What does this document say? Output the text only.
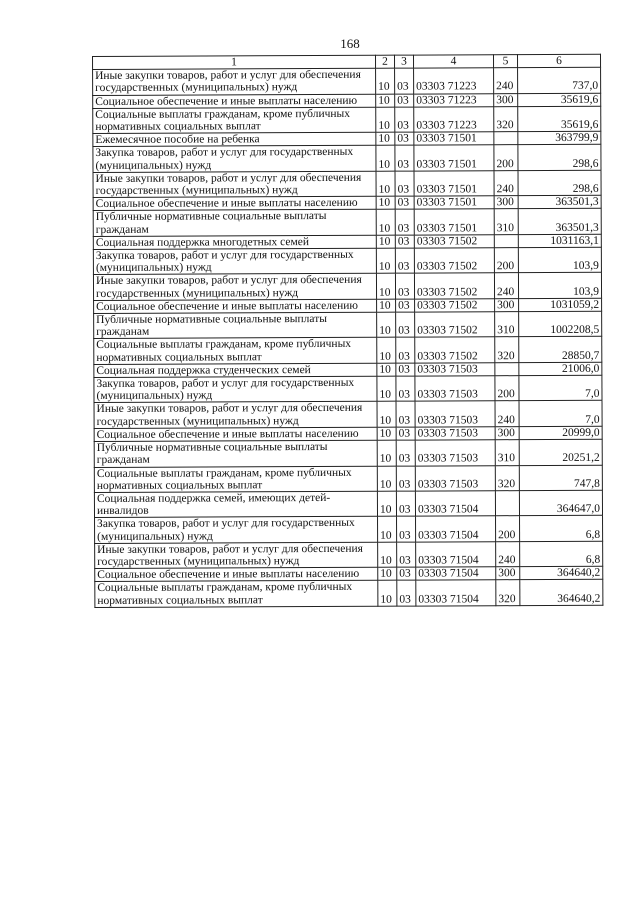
168
1	2	3	4	5	6
Иные закупки товаров, работ и услуг для обеспечения государственных (муниципальных) нужд	10	03	03303 71223	240	737,0
Социальное обеспечение и иные выплаты населению	10	03	03303 71223	300	35619,6
Социальные выплаты гражданам, кроме публичных нормативных социальных выплат	10	03	03303 71223	320	35619,6
Ежемесячное пособие на ребенка	10	03	03303 71501		363799,9
Закупка товаров, работ и услуг для государственных (муниципальных) нужд	10	03	03303 71501	200	298,6
Иные закупки товаров, работ и услуг для обеспечения государственных (муниципальных) нужд	10	03	03303 71501	240	298,6
Социальное обеспечение и иные выплаты населению	10	03	03303 71501	300	363501,3
Публичные нормативные социальные выплаты гражданам	10	03	03303 71501	310	363501,3
Социальная поддержка многодетных семей	10	03	03303 71502		1031163,1
Закупка товаров, работ и услуг для государственных (муниципальных) нужд	10	03	03303 71502	200	103,9
Иные закупки товаров, работ и услуг для обеспечения государственных (муниципальных) нужд	10	03	03303 71502	240	103,9
Социальное обеспечение и иные выплаты населению	10	03	03303 71502	300	1031059,2
Публичные нормативные социальные выплаты гражданам	10	03	03303 71502	310	1002208,5
Социальные выплаты гражданам, кроме публичных нормативных социальных выплат	10	03	03303 71502	320	28850,7
Социальная поддержка студенческих семей	10	03	03303 71503		21006,0
Закупка товаров, работ и услуг для государственных (муниципальных) нужд	10	03	03303 71503	200	7,0
Иные закупки товаров, работ и услуг для обеспечения государственных (муниципальных) нужд	10	03	03303 71503	240	7,0
Социальное обеспечение и иные выплаты населению	10	03	03303 71503	300	20999,0
Публичные нормативные социальные выплаты гражданам	10	03	03303 71503	310	20251,2
Социальные выплаты гражданам, кроме публичных нормативных социальных выплат	10	03	03303 71503	320	747,8
Социальная поддержка семей, имеющих детей-инвалидов	10	03	03303 71504		364647,0
Закупка товаров, работ и услуг для государственных (муниципальных) нужд	10	03	03303 71504	200	6,8
Иные закупки товаров, работ и услуг для обеспечения государственных (муниципальных) нужд	10	03	03303 71504	240	6,8
Социальное обеспечение и иные выплаты населению	10	03	03303 71504	300	364640,2
Социальные выплаты гражданам, кроме публичных нормативных социальных выплат	10	03	03303 71504	320	364640,2
